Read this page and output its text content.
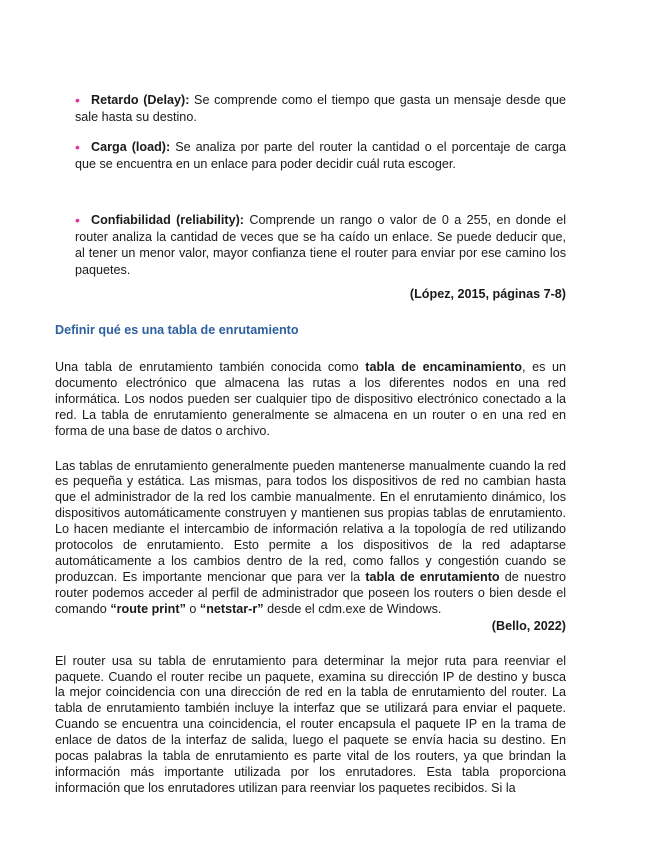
• Retardo (Delay): Se comprende como el tiempo que gasta un mensaje desde que sale hasta su destino.
• Carga (load): Se analiza por parte del router la cantidad o el porcentaje de carga que se encuentra en un enlace para poder decidir cuál ruta escoger.
• Confiabilidad (reliability): Comprende un rango o valor de 0 a 255, en donde el router analiza la cantidad de veces que se ha caído un enlace. Se puede deducir que, al tener un menor valor, mayor confianza tiene el router para enviar por ese camino los paquetes.
(López, 2015, páginas 7-8)
Definir qué es una tabla de enrutamiento

Una tabla de enrutamiento también conocida como tabla de encaminamiento, es un documento electrónico que almacena las rutas a los diferentes nodos en una red informática. Los nodos pueden ser cualquier tipo de dispositivo electrónico conectado a la red. La tabla de enrutamiento generalmente se almacena en un router o en una red en forma de una base de datos o archivo.

Las tablas de enrutamiento generalmente pueden mantenerse manualmente cuando la red es pequeña y estática. Las mismas, para todos los dispositivos de red no cambian hasta que el administrador de la red los cambie manualmente. En el enrutamiento dinámico, los dispositivos automáticamente construyen y mantienen sus propias tablas de enrutamiento. Lo hacen mediante el intercambio de información relativa a la topología de red utilizando protocolos de enrutamiento. Esto permite a los dispositivos de la red adaptarse automáticamente a los cambios dentro de la red, como fallos y congestión cuando se produzcan. Es importante mencionar que para ver la tabla de enrutamiento de nuestro router podemos acceder al perfil de administrador que poseen los routers o bien desde el comando “route print” o “netstar-r” desde el cdm.exe de Windows.

(Bello, 2022)

El router usa su tabla de enrutamiento para determinar la mejor ruta para reenviar el paquete. Cuando el router recibe un paquete, examina su dirección IP de destino y busca la mejor coincidencia con una dirección de red en la tabla de enrutamiento del router. La tabla de enrutamiento también incluye la interfaz que se utilizará para enviar el paquete. Cuando se encuentra una coincidencia, el router encapsula el paquete IP en la trama de enlace de datos de la interfaz de salida, luego el paquete se envía hacia su destino. En pocas palabras la tabla de enrutamiento es parte vital de los routers, ya que brindan la información más importante utilizada por los enrutadores. Esta tabla proporciona información que los enrutadores utilizan para reenviar los paquetes recibidos. Si la
